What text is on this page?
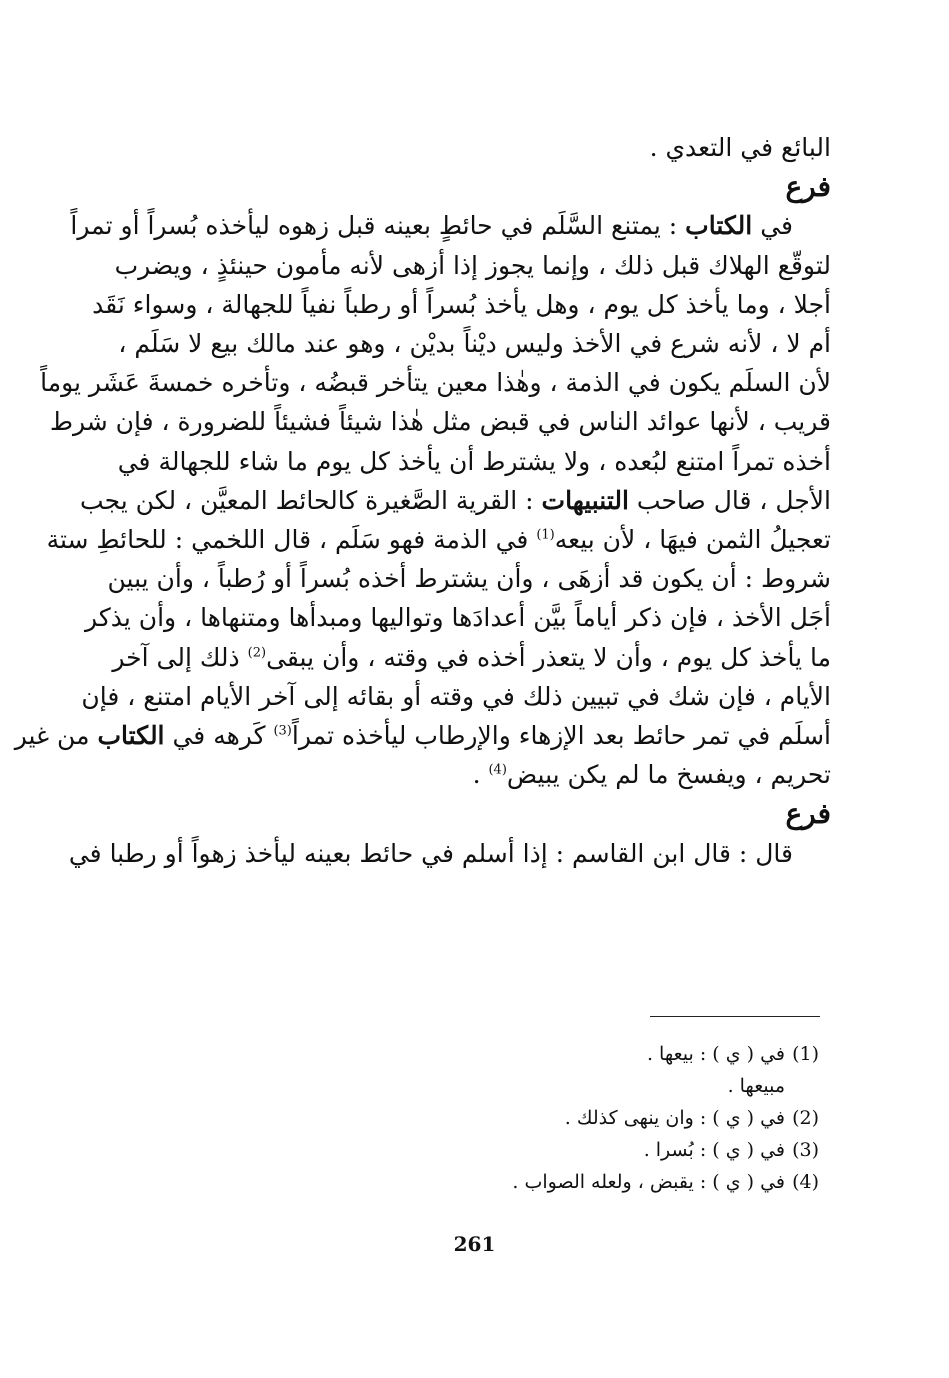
البائع في التعدي .
فرع
في الكتاب : يمتنع السَّلَم في حائطٍ بعينه قبل زهوه ليأخذه بُسراً أو تمراً
لتوقّع الهلاك قبل ذلك ، وإنما يجوز إذا أزهى لأنه مأمون حينئذٍ ، ويضرب
أجلا ، وما يأخذ كل يوم ، وهل يأخذ بُسراً أو رطباً نفياً للجهالة ، وسواء نَقَد
أم لا ، لأنه شرع في الأخذ وليس ديْناً بديْن ، وهو عند مالك بيع لا سَلَم ،
لأن السلَم يكون في الذمة ، وهٰذا معين يتأخر قبضُه ، وتأخره خمسةَ عَشَر يوماً
قريب ، لأنها عوائد الناس في قبض مثل هٰذا شيئاً فشيئاً للضرورة ، فإن شرط
أخذه تمراً امتنع لبُعده ، ولا يشترط أن يأخذ كل يوم ما شاء للجهالة في
الأجل ، قال صاحب التنبيهات : القرية الصَّغيرة كالحائط المعيَّن ، لكن يجب
تعجيلُ الثمن فيهَا ، لأن بيعه$^{(1)}$ في الذمة فهو سَلَم ، قال اللخمي : للحائطِ ستة
شروط : أن يكون قد أزهَى ، وأن يشترط أخذه بُسراً أو رُطباً ، وأن يبين
أجَل الأخذ ، فإن ذكر أياماً بيَّن أعدادَها وتواليها ومبدأها ومتنهاها ، وأن يذكر
ما يأخذ كل يوم ، وأن لا يتعذر أخذه في وقته ، وأن يبقى$^{(2)}$ ذلك إلى آخر
الأيام ، فإن شك في تبيين ذلك في وقته أو بقائه إلى آخر الأيام امتنع ، فإن
أسلَم في تمر حائط بعد الإزهاء والإرطاب ليأخذه تمراً$^{(3)}$ كَرهه في الكتاب من غير
تحريم ، ويفسخ ما لم يكن يبيض$^{(4)}$ .
فرع
قال : قال ابن القاسم : إذا أسلم في حائط بعينه ليأخذ زهواً أو رطبا في
(1)في ( ي ) : بيعها .
مبيعها .
(2)في ( ي ) : وان ينهى كذلك .
(3)في ( ي ) : بُسرا .
(4)في ( ي ) : يقبض ، ولعله الصواب .
261
